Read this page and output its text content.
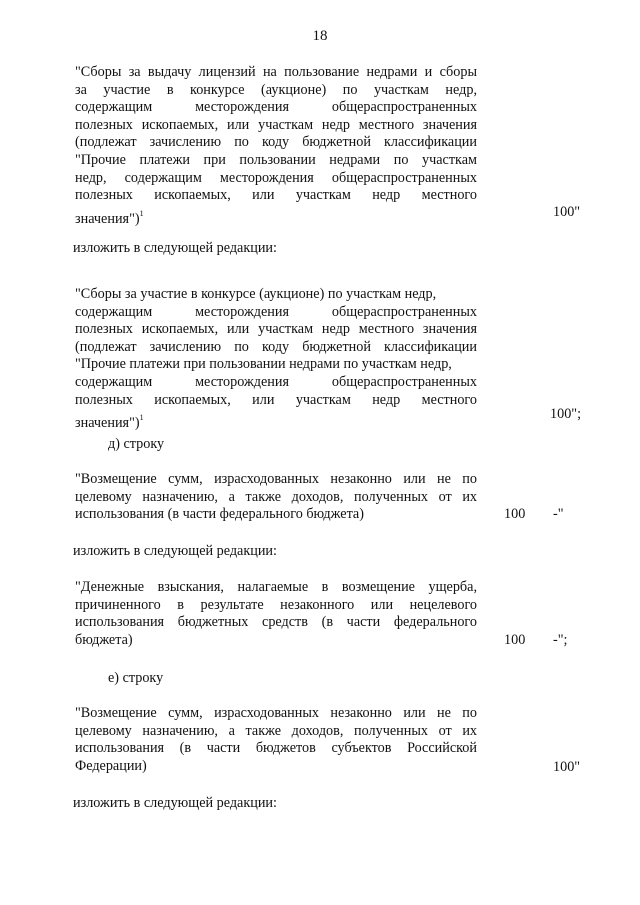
18
"Сборы за выдачу лицензий на пользование недрами и сборы
за участие в конкурсе (аукционе) по участкам недр,
содержащим месторождения общераспространенных
полезных ископаемых, или участкам недр местного значения
(подлежат зачислению по коду бюджетной классификации
"Прочие платежи при пользовании недрами по участкам
недр, содержащим месторождения общераспространенных
полезных ископаемых, или участкам недр местного
значения")$^1$	100"
изложить в следующей редакции:
"Сборы за участие в конкурсе (аукционе) по участкам недр,
содержащим месторождения общераспространенных
полезных ископаемых, или участкам недр местного значения
(подлежат зачислению по коду бюджетной классификации
"Прочие платежи при пользовании недрами по участкам недр,
содержащим месторождения общераспространенных
полезных ископаемых, или участкам недр местного
значения")$^1$	100";
д) строку
"Возмещение сумм, израсходованных незаконно или не по
целевому назначению, а также доходов, полученных от их
использования (в части федерального бюджета)	100 -"
изложить в следующей редакции:
"Денежные взыскания, налагаемые в возмещение ущерба,
причиненного в результате незаконного или нецелевого
использования бюджетных средств (в части федерального
бюджета)	100 -";
е) строку
"Возмещение сумм, израсходованных незаконно или не по
целевому назначению, а также доходов, полученных от их
использования (в части бюджетов субъектов Российской
Федерации)	100"
изложить в следующей редакции:
